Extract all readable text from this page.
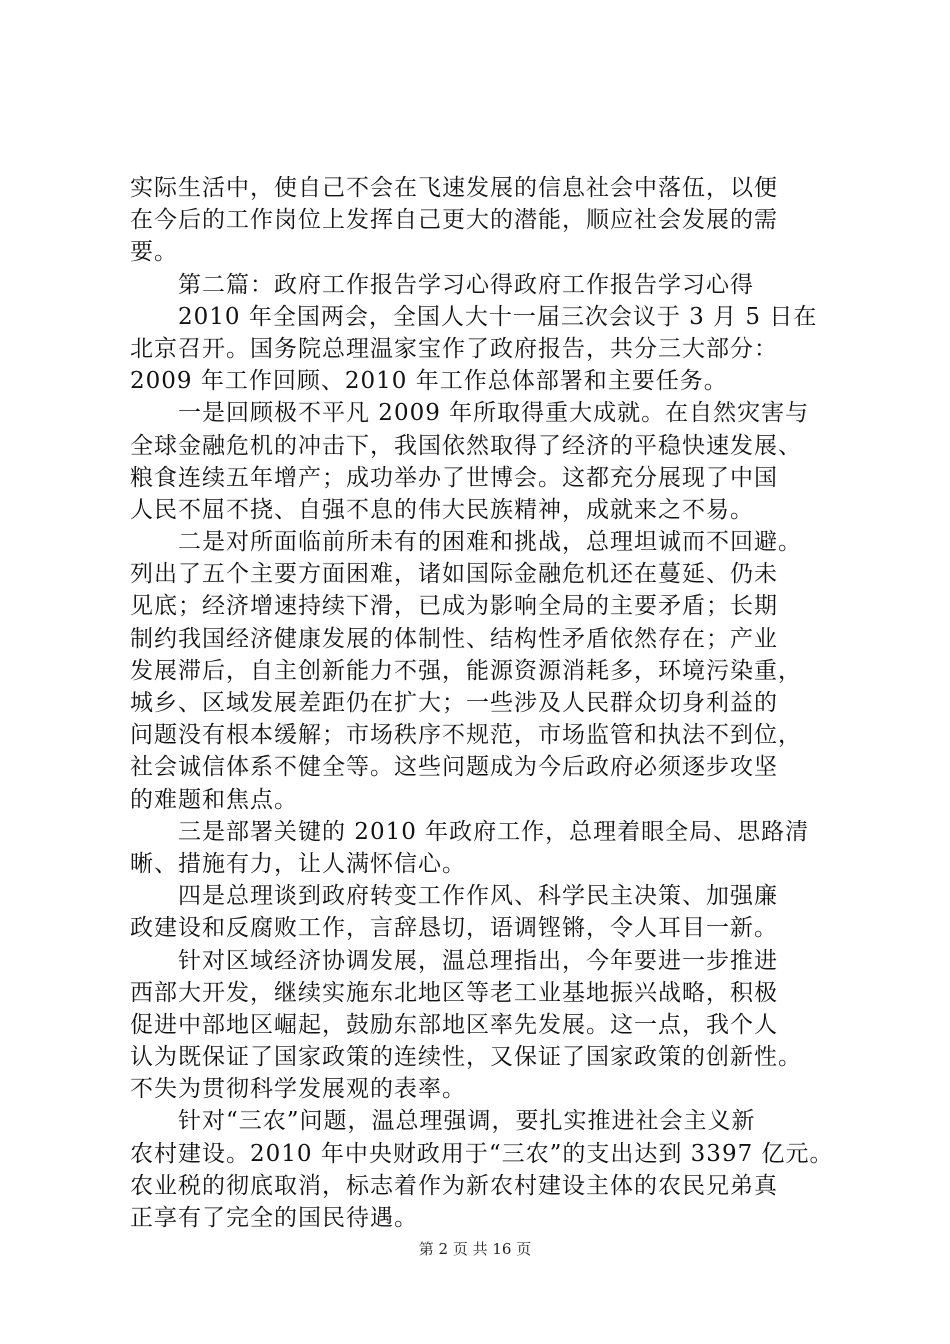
实际生活中，使自己不会在飞速发展的信息社会中落伍，以便
在今后的工作岗位上发挥自己更大的潜能，顺应社会发展的需
要。
第二篇：政府工作报告学习心得政府工作报告学习心得
2010 年全国两会，全国人大十一届三次会议于 3 月 5 日在
北京召开。国务院总理温家宝作了政府报告，共分三大部分：
2009 年工作回顾、2010 年工作总体部署和主要任务。
一是回顾极不平凡 2009 年所取得重大成就。在自然灾害与
全球金融危机的冲击下，我国依然取得了经济的平稳快速发展、
粮食连续五年增产；成功举办了世博会。这都充分展现了中国
人民不屈不挠、自强不息的伟大民族精神，成就来之不易。
二是对所面临前所未有的困难和挑战，总理坦诚而不回避。
列出了五个主要方面困难，诸如国际金融危机还在蔓延、仍未
见底；经济增速持续下滑，已成为影响全局的主要矛盾；长期
制约我国经济健康发展的体制性、结构性矛盾依然存在；产业
发展滞后，自主创新能力不强，能源资源消耗多，环境污染重，
城乡、区域发展差距仍在扩大；一些涉及人民群众切身利益的
问题没有根本缓解；市场秩序不规范，市场监管和执法不到位，
社会诚信体系不健全等。这些问题成为今后政府必须逐步攻坚
的难题和焦点。
三是部署关键的 2010 年政府工作，总理着眼全局、思路清
晰、措施有力，让人满怀信心。
四是总理谈到政府转变工作作风、科学民主决策、加强廉
政建设和反腐败工作，言辞恳切，语调铿锵，令人耳目一新。
针对区域经济协调发展，温总理指出，今年要进一步推进
西部大开发，继续实施东北地区等老工业基地振兴战略，积极
促进中部地区崛起，鼓励东部地区率先发展。这一点，我个人
认为既保证了国家政策的连续性，又保证了国家政策的创新性。
不失为贯彻科学发展观的表率。
针对“三农”问题，温总理强调，要扎实推进社会主义新
农村建设。2010 年中央财政用于“三农”的支出达到 3397 亿元。
农业税的彻底取消，标志着作为新农村建设主体的农民兄弟真
正享有了完全的国民待遇。
第 2 页 共 16 页
